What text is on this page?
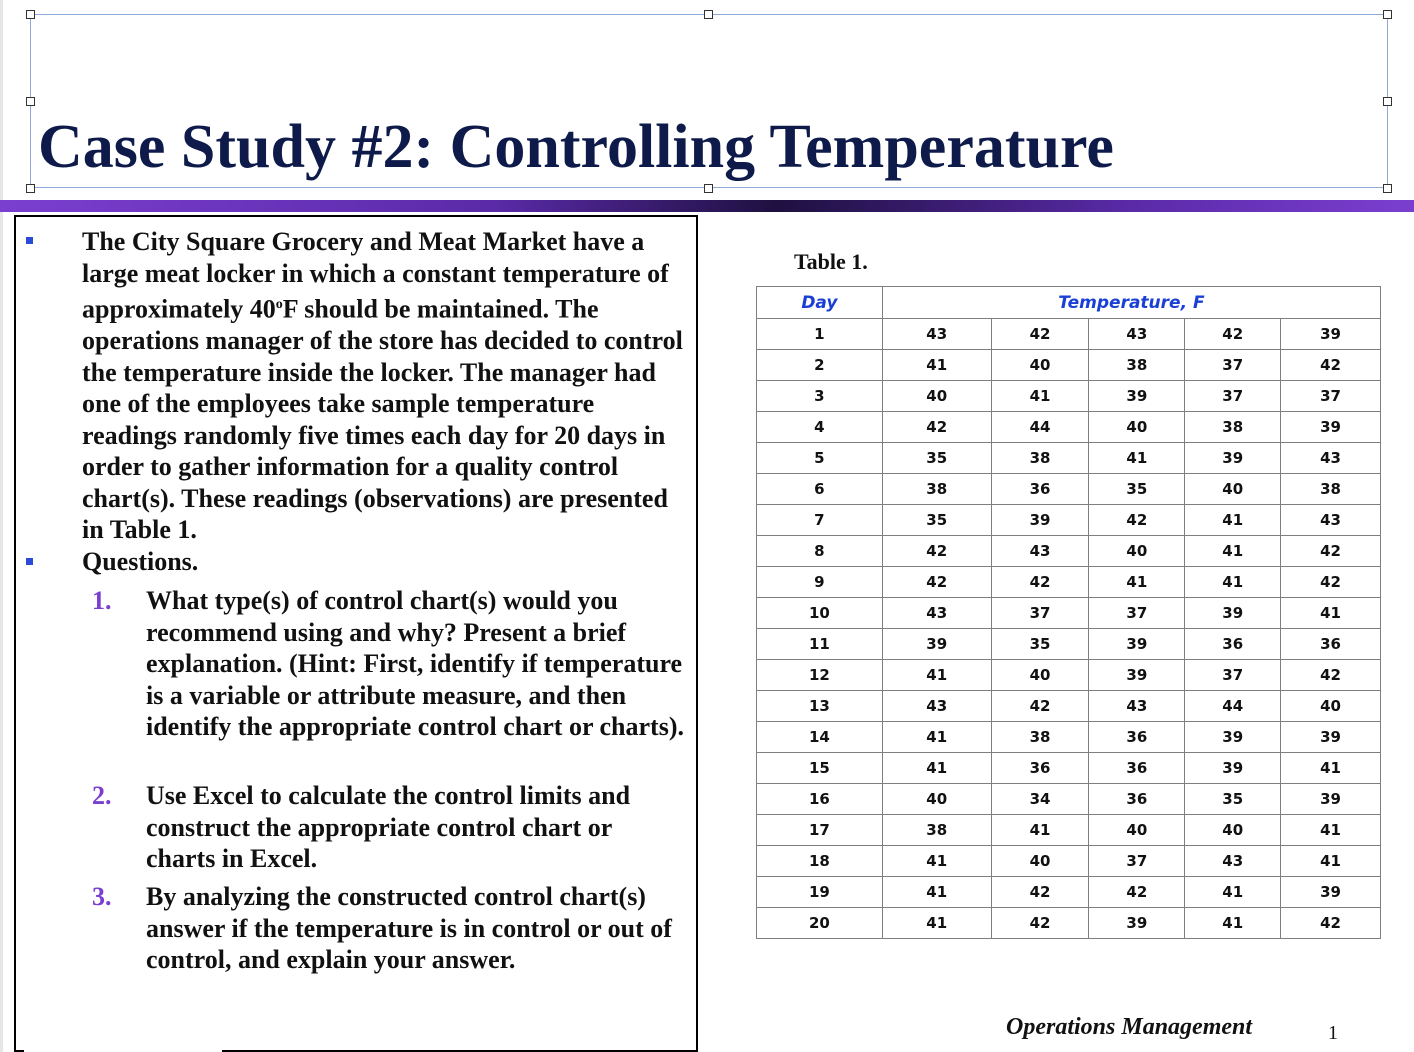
Case Study #2: Controlling Temperature
The City Square Grocery and Meat Market have a large meat locker in which a constant temperature of approximately 40$^o$F should be maintained. The operations manager of the store has decided to control the temperature inside the locker. The manager had one of the employees take sample temperature readings randomly five times each day for 20 days in order to gather information for a quality control chart(s). These readings (observations) are presented in Table 1.
Questions.
1. What type(s) of control chart(s) would you recommend using and why? Present a brief explanation. (Hint: First, identify if temperature is a variable or attribute measure, and then identify the appropriate control chart or charts).
2. Use Excel to calculate the control limits and construct the appropriate control chart or charts in Excel.
3. By analyzing the constructed control chart(s) answer if the temperature is in control or out of control, and explain your answer.
Table 1.
Day	Temperature, F				
1	43	42	43	42	39
2	41	40	38	37	42
3	40	41	39	37	37
4	42	44	40	38	39
5	35	38	41	39	43
6	38	36	35	40	38
7	35	39	42	41	43
8	42	43	40	41	42
9	42	42	41	41	42
10	43	37	37	39	41
11	39	35	39	36	36
12	41	40	39	37	42
13	43	42	43	44	40
14	41	38	36	39	39
15	41	36	36	39	41
16	40	34	36	35	39
17	38	41	40	40	41
18	41	40	37	43	41
19	41	42	42	41	39
20	41	42	39	41	42
Operations Management	1
